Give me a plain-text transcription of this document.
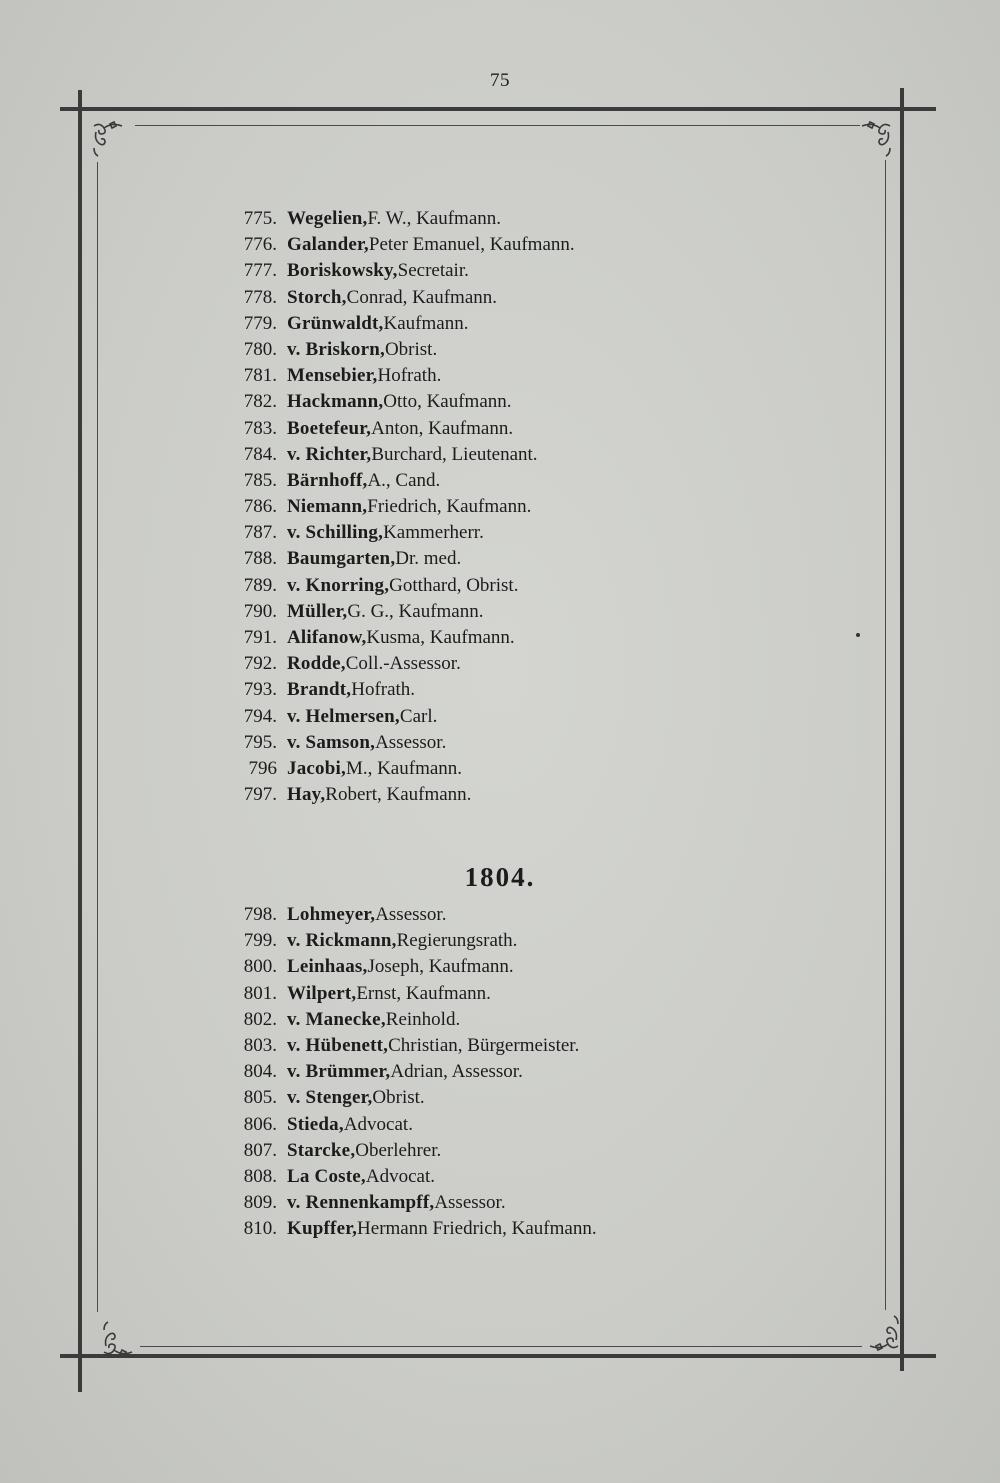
75
775. Wegelien, F. W., Kaufmann.
776. Galander, Peter Emanuel, Kaufmann.
777. Boriskowsky, Secretair.
778. Storch, Conrad, Kaufmann.
779. Grünwaldt, Kaufmann.
780. v. Briskorn, Obrist.
781. Mensebier, Hofrath.
782. Hackmann, Otto, Kaufmann.
783. Boetefeur, Anton, Kaufmann.
784. v. Richter, Burchard, Lieutenant.
785. Bärnhoff, A., Cand.
786. Niemann, Friedrich, Kaufmann.
787. v. Schilling, Kammerherr.
788. Baumgarten, Dr. med.
789. v. Knorring, Gotthard, Obrist.
790. Müller, G. G., Kaufmann.
791. Alifanow, Kusma, Kaufmann.
792. Rodde, Coll.-Assessor.
793. Brandt, Hofrath.
794. v. Helmersen, Carl.
795. v. Samson, Assessor.
796 Jacobi, M., Kaufmann.
797. Hay, Robert, Kaufmann.
1804.
798. Lohmeyer, Assessor.
799. v. Rickmann, Regierungsrath.
800. Leinhaas, Joseph, Kaufmann.
801. Wilpert, Ernst, Kaufmann.
802. v. Manecke, Reinhold.
803. v. Hübenett, Christian, Bürgermeister.
804. v. Brümmer, Adrian, Assessor.
805. v. Stenger, Obrist.
806. Stieda, Advocat.
807. Starcke, Oberlehrer.
808. La Coste, Advocat.
809. v. Rennenkampff, Assessor.
810. Kupffer, Hermann Friedrich, Kaufmann.
